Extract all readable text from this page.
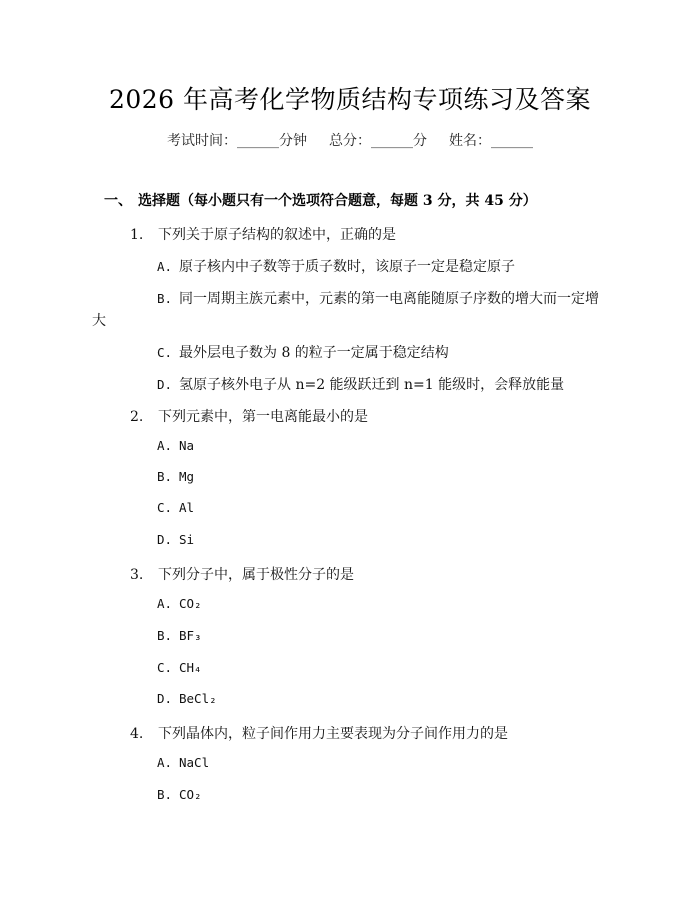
2026 年高考化学物质结构专项练习及答案
考试时间：______分钟 总分：______分 姓名：______
一、 选择题（每小题只有一个选项符合题意，每题 3 分，共 45 分）
1. 下列关于原子结构的叙述中，正确的是
A. 原子核内中子数等于质子数时，该原子一定是稳定原子
B. 同一周期主族元素中，元素的第一电离能随原子序数的增大而一定增
大
C. 最外层电子数为 8 的粒子一定属于稳定结构
D. 氢原子核外电子从 n=2 能级跃迁到 n=1 能级时，会释放能量
2. 下列元素中，第一电离能最小的是
A. Na
B. Mg
C. Al
D. Si
3. 下列分子中，属于极性分子的是
A. CO₂
B. BF₃
C. CH₄
D. BeCl₂
4. 下列晶体内，粒子间作用力主要表现为分子间作用力的是
A. NaCl
B. CO₂
